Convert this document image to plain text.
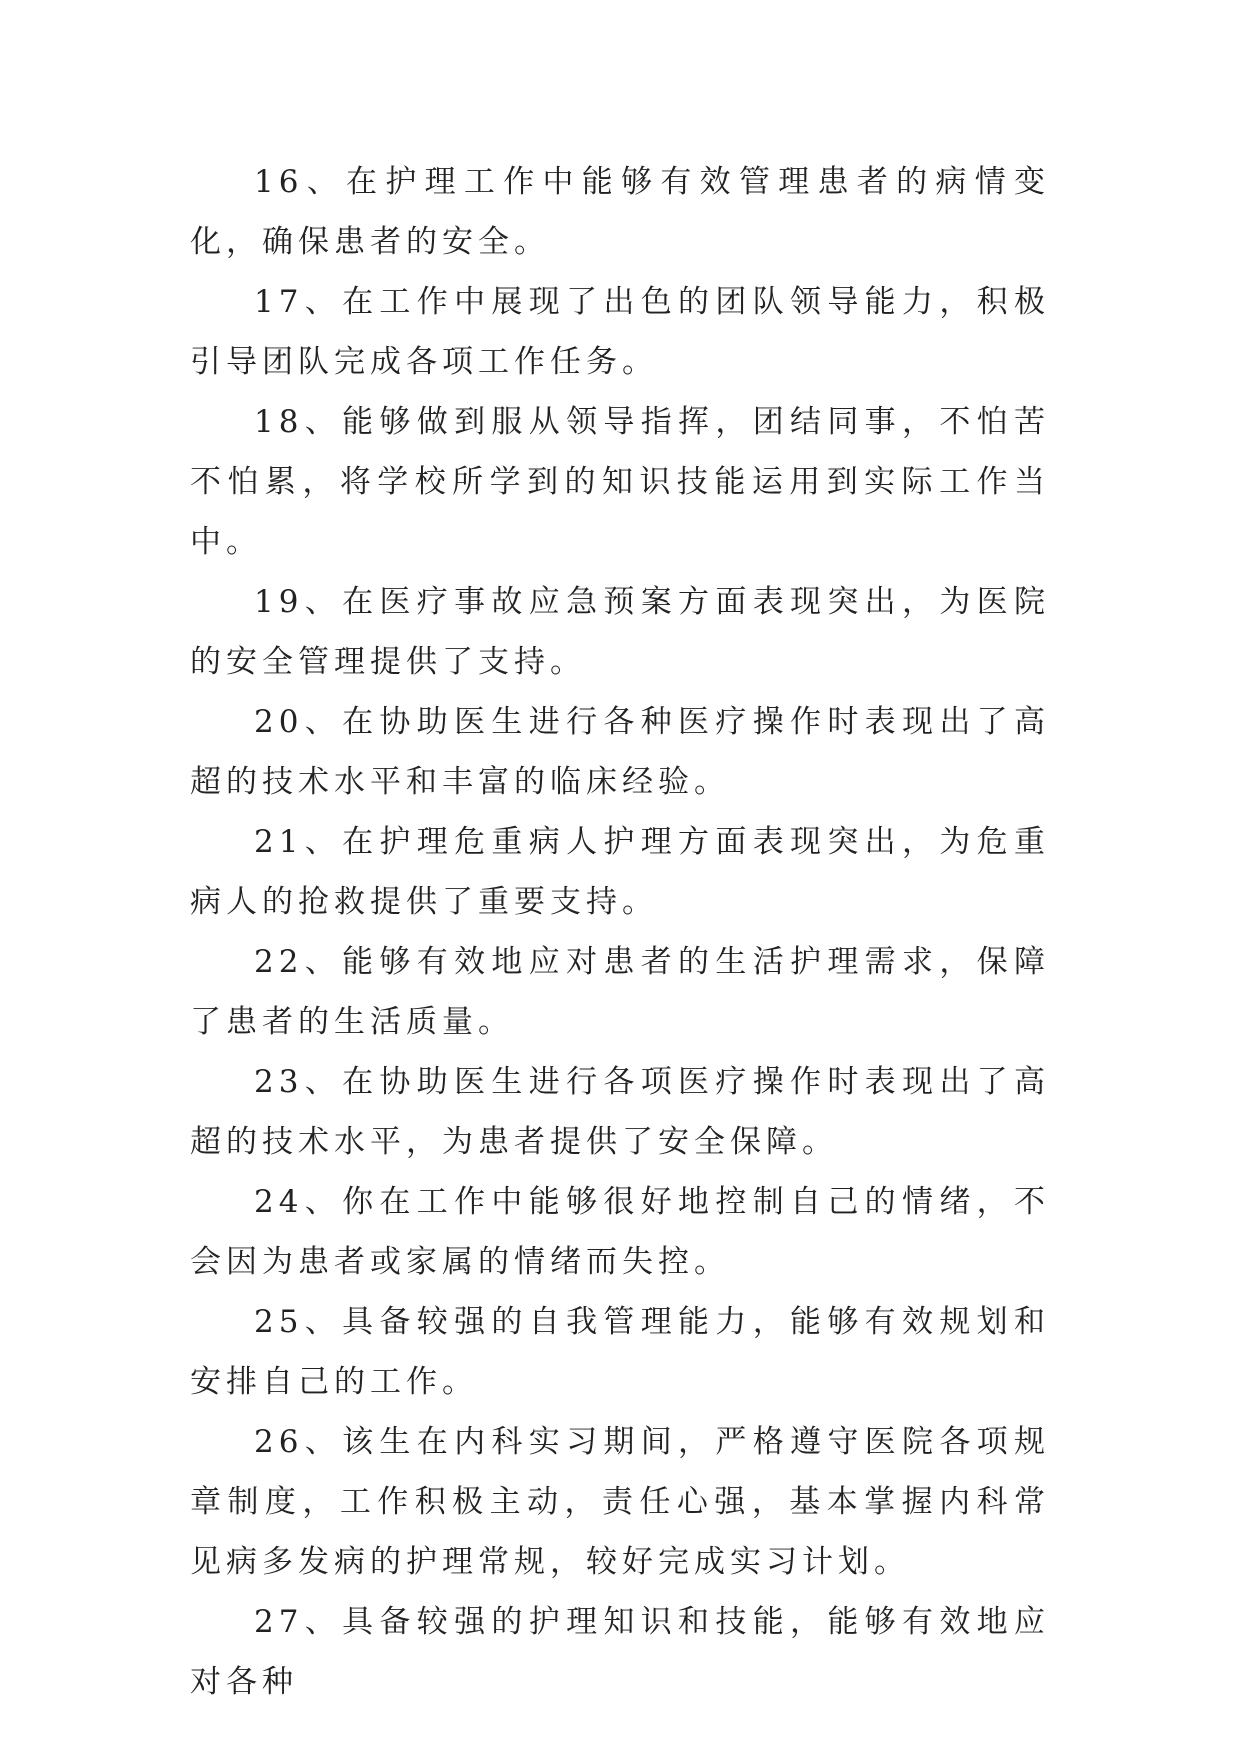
16、在护理工作中能够有效管理患者的病情变化，确保患者的安全。

17、在工作中展现了出色的团队领导能力，积极引导团队完成各项工作任务。

18、能够做到服从领导指挥，团结同事，不怕苦不怕累，将学校所学到的知识技能运用到实际工作当中。

19、在医疗事故应急预案方面表现突出，为医院的安全管理提供了支持。

20、在协助医生进行各种医疗操作时表现出了高超的技术水平和丰富的临床经验。

21、在护理危重病人护理方面表现突出，为危重病人的抢救提供了重要支持。

22、能够有效地应对患者的生活护理需求，保障了患者的生活质量。

23、在协助医生进行各项医疗操作时表现出了高超的技术水平，为患者提供了安全保障。

24、你在工作中能够很好地控制自己的情绪，不会因为患者或家属的情绪而失控。

25、具备较强的自我管理能力，能够有效规划和安排自己的工作。

26、该生在内科实习期间，严格遵守医院各项规章制度，工作积极主动，责任心强，基本掌握内科常见病多发病的护理常规，较好完成实习计划。

27、具备较强的护理知识和技能，能够有效地应对各种
